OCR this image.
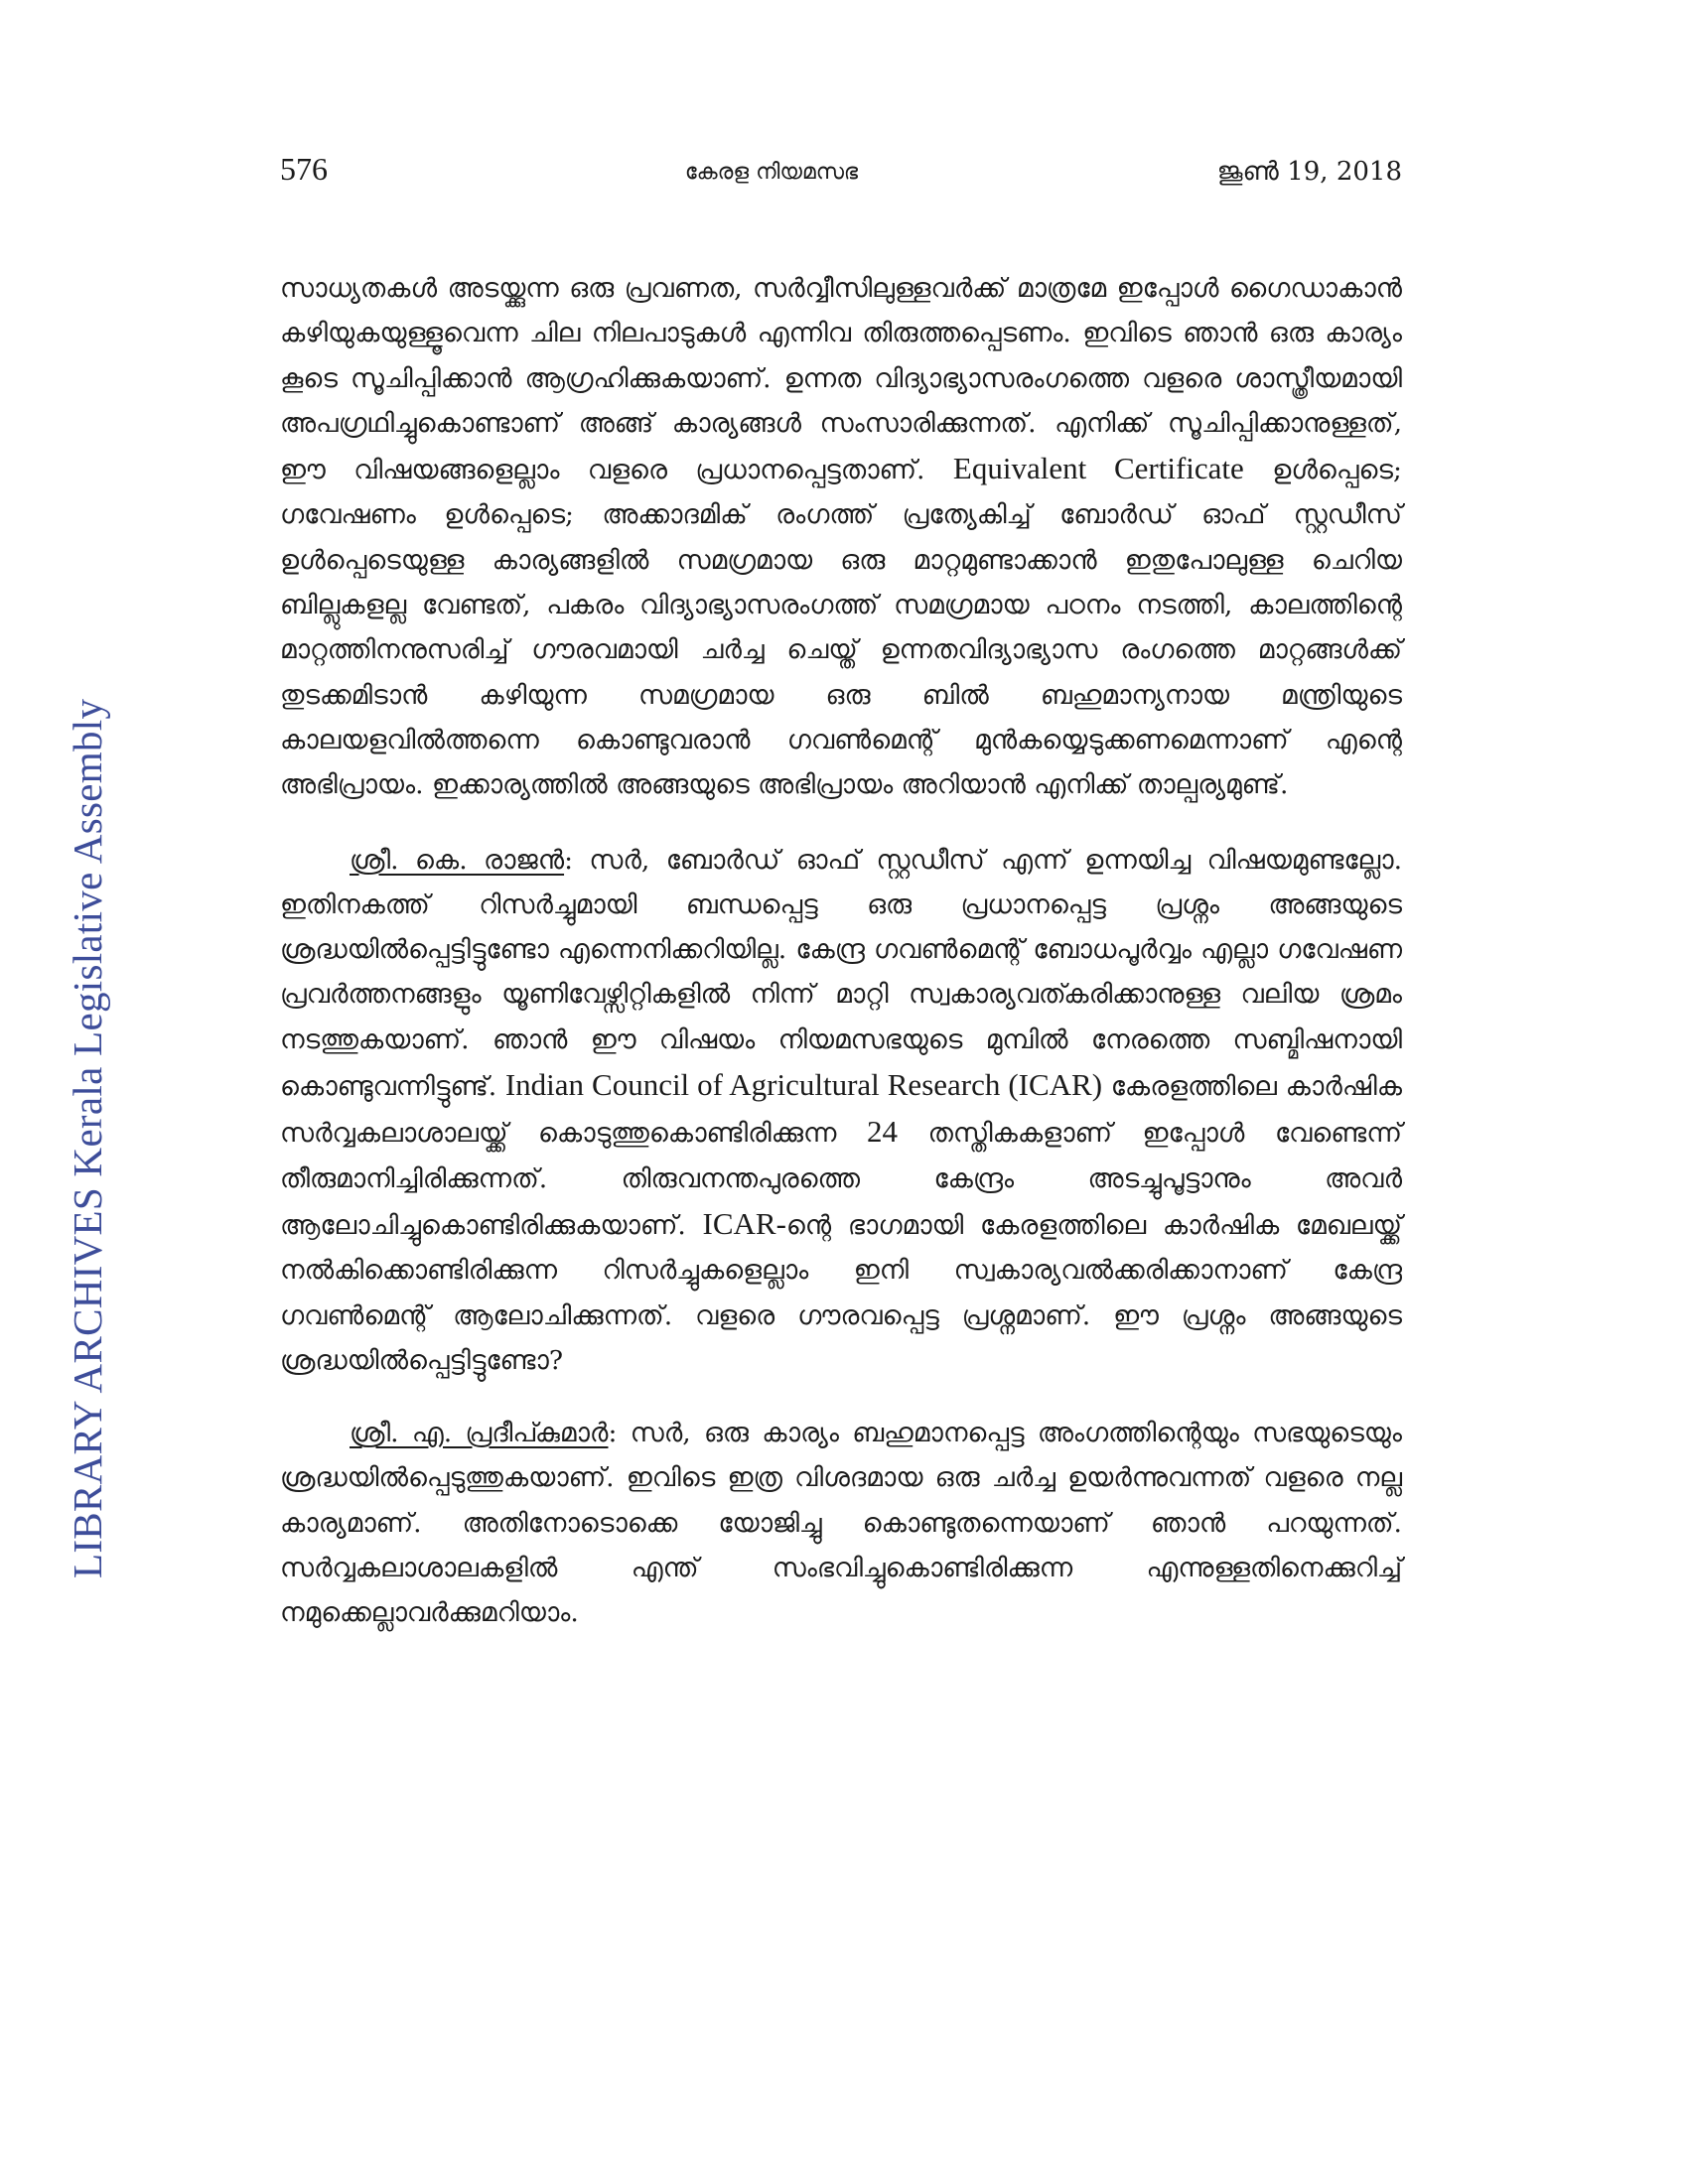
LIBRARY ARCHIVES Kerala Legislative Assembly
576	കേരള നിയമസഭ	ജൂൺ 19, 2018

സാധ്യതകൾ അടയ്ക്കുന്ന ഒരു പ്രവണത, സർവ്വീസിലുള്ളവർക്ക് മാത്രമേ ഇപ്പോൾ ഗൈഡാകാൻ കഴിയുകയുള്ളൂവെന്ന ചില നിലപാടുകൾ എന്നിവ തിരുത്തപ്പെടണം. ഇവിടെ ഞാൻ ഒരു കാര്യം കൂടെ സൂചിപ്പിക്കാൻ ആഗ്രഹിക്കുകയാണ്. ഉന്നത വിദ്യാഭ്യാസരംഗത്തെ വളരെ ശാസ്ത്രീയമായി അപഗ്രഥിച്ചുകൊണ്ടാണ് അങ്ങ് കാര്യങ്ങൾ സംസാരിക്കുന്നത്. എനിക്ക് സൂചിപ്പിക്കാനുള്ളത്, ഈ വിഷയങ്ങളെല്ലാം വളരെ പ്രധാനപ്പെട്ടതാണ്. Equivalent Certificate ഉൾപ്പെടെ; ഗവേഷണം ഉൾപ്പെടെ; അക്കാദമിക് രംഗത്ത് പ്രത്യേകിച്ച് ബോർഡ് ഓഫ് സ്റ്റഡീസ് ഉൾപ്പെടെയുള്ള കാര്യങ്ങളിൽ സമഗ്രമായ ഒരു മാറ്റമുണ്ടാക്കാൻ ഇതുപോലുള്ള ചെറിയ ബില്ലുകളല്ല വേണ്ടത്, പകരം വിദ്യാഭ്യാസരംഗത്ത് സമഗ്രമായ പഠനം നടത്തി, കാലത്തിന്റെ മാറ്റത്തിനനുസരിച്ച് ഗൗരവമായി ചർച്ച ചെയ്ത് ഉന്നതവിദ്യാഭ്യാസ രംഗത്തെ മാറ്റങ്ങൾക്ക് തുടക്കമിടാൻ കഴിയുന്ന സമഗ്രമായ ഒരു ബിൽ ബഹുമാന്യനായ മന്ത്രിയുടെ കാലയളവിൽത്തന്നെ കൊണ്ടുവരാൻ ഗവൺമെന്റ് മുൻകയ്യെടുക്കണമെന്നാണ് എന്റെ അഭിപ്രായം. ഇക്കാര്യത്തിൽ അങ്ങയുടെ അഭിപ്രായം അറിയാൻ എനിക്ക് താല്പര്യമുണ്ട്.

ശ്രീ. കെ. രാജൻ: സർ, ബോർഡ് ഓഫ് സ്റ്റഡീസ് എന്ന് ഉന്നയിച്ച വിഷയമുണ്ടല്ലോ. ഇതിനകത്ത് റിസർച്ചുമായി ബന്ധപ്പെട്ട ഒരു പ്രധാനപ്പെട്ട പ്രശ്നം അങ്ങയുടെ ശ്രദ്ധയിൽപ്പെട്ടിട്ടുണ്ടോ എന്നെനിക്കറിയില്ല. കേന്ദ്ര ഗവൺമെന്റ് ബോധപൂർവ്വം എല്ലാ ഗവേഷണ പ്രവർത്തനങ്ങളും യൂണിവേഴ്സിറ്റികളിൽ നിന്ന് മാറ്റി സ്വകാര്യവത്കരിക്കാനുള്ള വലിയ ശ്രമം നടത്തുകയാണ്. ഞാൻ ഈ വിഷയം നിയമസഭയുടെ മുമ്പിൽ നേരത്തെ സബ്മിഷനായി കൊണ്ടുവന്നിട്ടുണ്ട്. Indian Council of Agricultural Research (ICAR) കേരളത്തിലെ കാർഷിക സർവ്വകലാശാലയ്ക്ക് കൊടുത്തുകൊണ്ടിരിക്കുന്ന 24 തസ്തികകളാണ് ഇപ്പോൾ വേണ്ടെന്ന് തീരുമാനിച്ചിരിക്കുന്നത്. തിരുവനന്തപുരത്തെ കേന്ദ്രം അടച്ചുപൂട്ടാനും അവർ ആലോചിച്ചുകൊണ്ടിരിക്കുകയാണ്. ICAR-ന്റെ ഭാഗമായി കേരളത്തിലെ കാർഷിക മേഖലയ്ക്ക് നൽകിക്കൊണ്ടിരിക്കുന്ന റിസർച്ചുകളെല്ലാം ഇനി സ്വകാര്യവൽക്കരിക്കാനാണ് കേന്ദ്ര ഗവൺമെന്റ് ആലോചിക്കുന്നത്. വളരെ ഗൗരവപ്പെട്ട പ്രശ്നമാണ്. ഈ പ്രശ്നം അങ്ങയുടെ ശ്രദ്ധയിൽപ്പെട്ടിട്ടുണ്ടോ?

ശ്രീ. എ. പ്രദീപ്കുമാർ: സർ, ഒരു കാര്യം ബഹുമാനപ്പെട്ട അംഗത്തിന്റെയും സഭയുടെയും ശ്രദ്ധയിൽപ്പെടുത്തുകയാണ്. ഇവിടെ ഇത്ര വിശദമായ ഒരു ചർച്ച ഉയർന്നുവന്നത് വളരെ നല്ല കാര്യമാണ്. അതിനോടൊക്കെ യോജിച്ചു കൊണ്ടുതന്നെയാണ് ഞാൻ പറയുന്നത്. സർവ്വകലാശാലകളിൽ എന്ത് സംഭവിച്ചുകൊണ്ടിരിക്കുന്ന എന്നുള്ളതിനെക്കുറിച്ച് നമുക്കെല്ലാവർക്കുമറിയാം.
